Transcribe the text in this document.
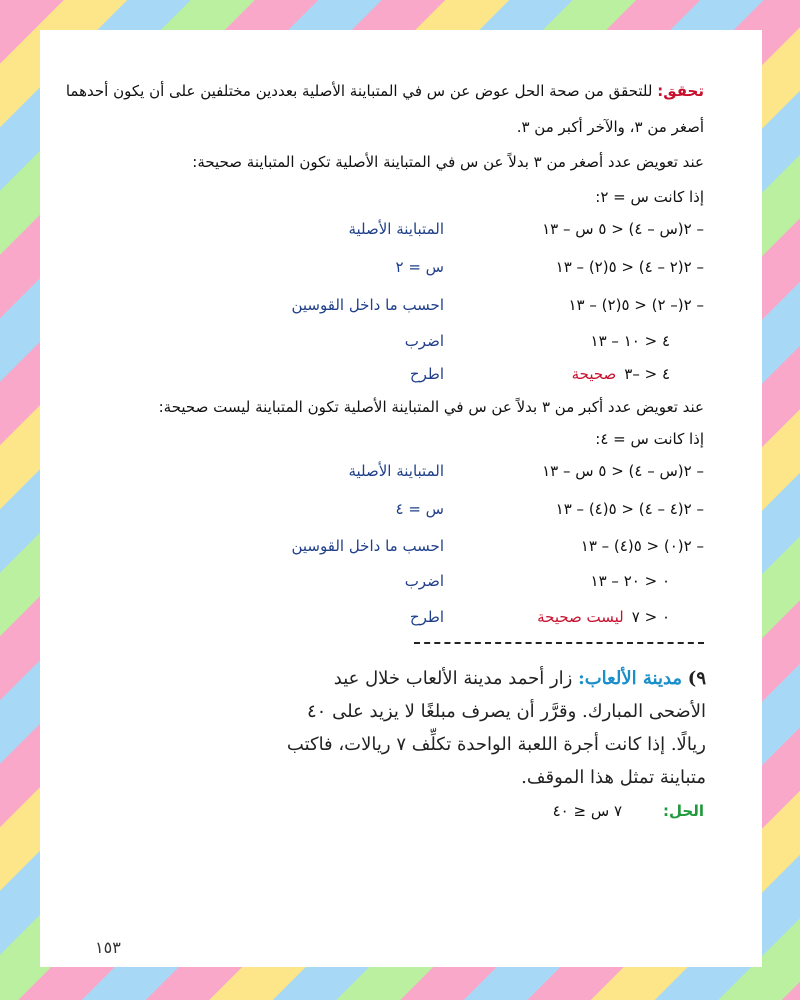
تحقق: للتحقق من صحة الحل عوض عن س في المتباينة الأصلية بعددين مختلفين على أن يكون أحدهما
أصغر من ٣، والآخر أكبر من ٣.
عند تعويض عدد أصغر من ٣ بدلاً عن س في المتباينة الأصلية تكون المتباينة صحيحة:
إذا كانت س = ٢:
– ٢(س – ٤) < ٥ س – ١٣
المتباينة الأصلية
– ٢(٢ – ٤) < ٥(٢) – ١٣
س = ٢
– ٢(– ٢) < ٥(٢) – ١٣
احسب ما داخل القوسين
٤ < ١٠ – ١٣
اضرب
٤ < –٣صحيحة
اطرح
عند تعويض عدد أكبر من ٣ بدلاً عن س في المتباينة الأصلية تكون المتباينة ليست صحيحة:
إذا كانت س = ٤:
– ٢(س – ٤) < ٥ س – ١٣
المتباينة الأصلية
– ٢(٤ – ٤) < ٥(٤) – ١٣
س = ٤
– ٢(٠) < ٥(٤) – ١٣
احسب ما داخل القوسين
٠ < ٢٠ – ١٣
اضرب
٠ < ٧ليست صحيحة
اطرح
٩) مدينة الألعاب: زار أحمد مدينة الألعاب خلال عيد الأضحى المبارك. وقرَّر أن يصرف مبلغًا لا يزيد على ٤٠ ريالًا. إذا كانت أجرة اللعبة الواحدة تكلِّف ٧ ريالات، فاكتب متباينة تمثل هذا الموقف.
الحل:
٧ س ≤ ٤٠
١٥٣
